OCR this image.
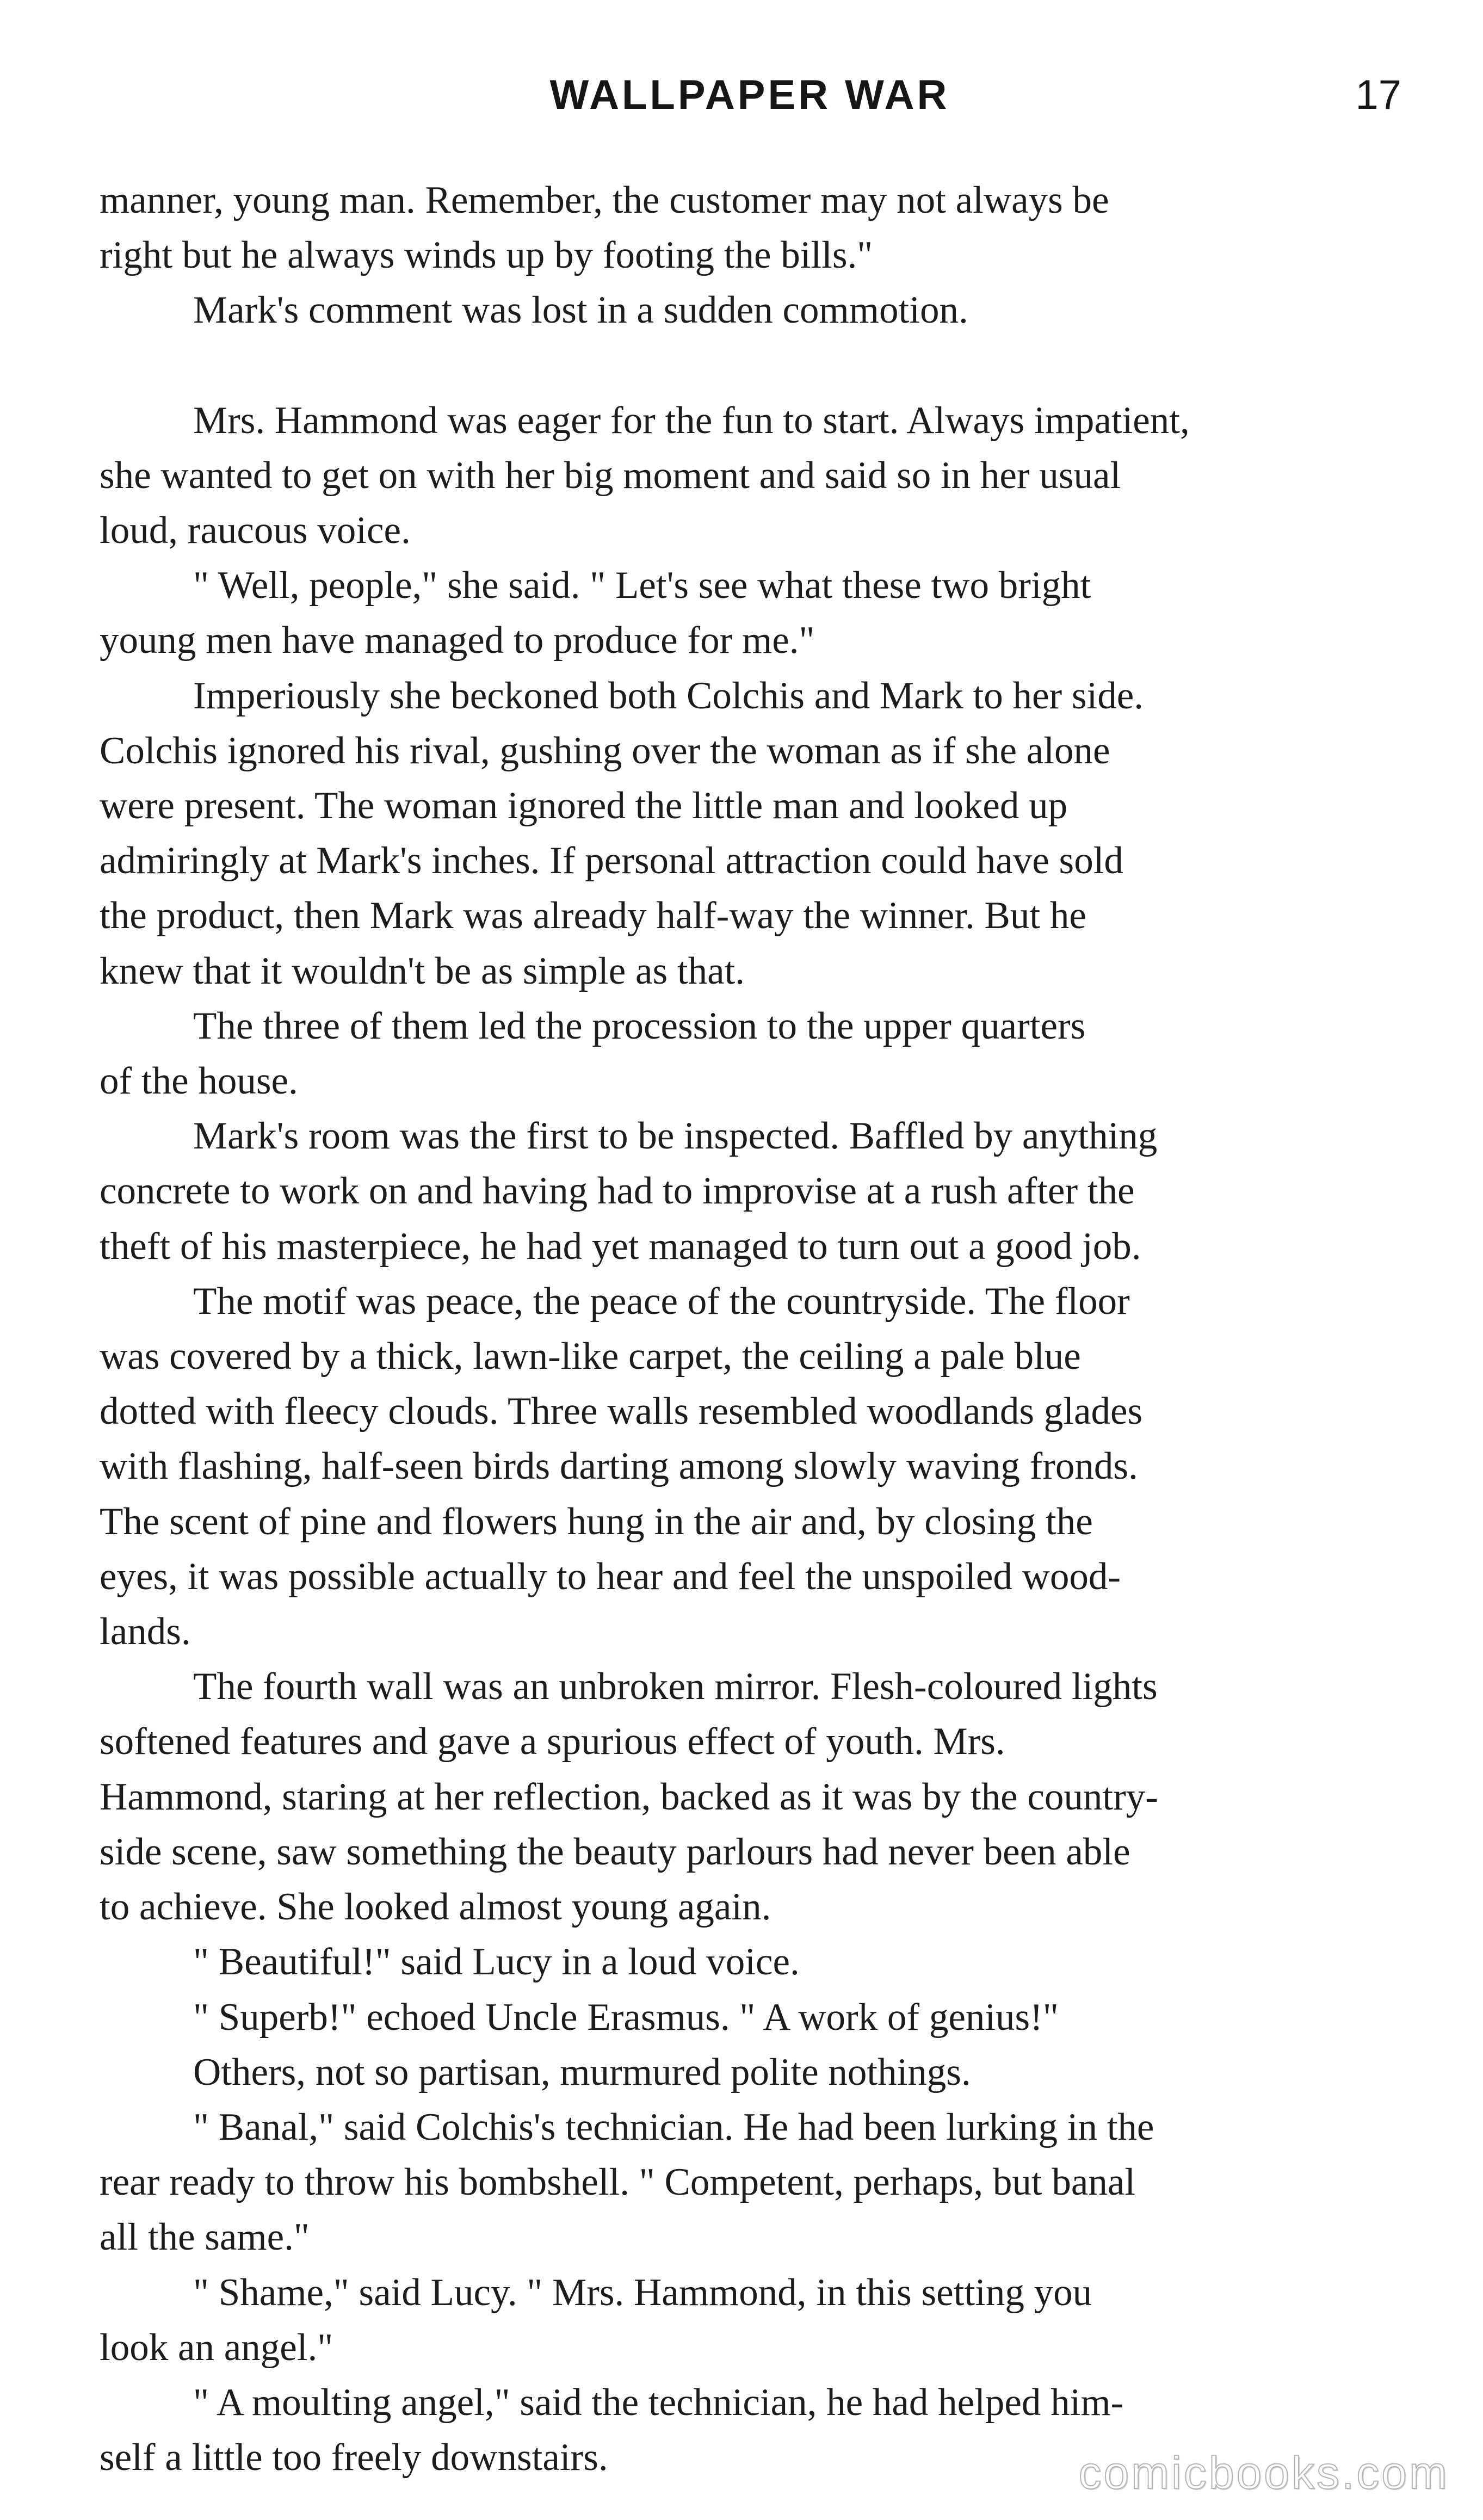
WALLPAPER WAR	17

manner, young man. Remember, the customer may not always be
right but he always winds up by footing the bills."

Mark's comment was lost in a sudden commotion.

Mrs. Hammond was eager for the fun to start. Always impatient,
she wanted to get on with her big moment and said so in her usual
loud, raucous voice.

" Well, people," she said. " Let's see what these two bright
young men have managed to produce for me."

Imperiously she beckoned both Colchis and Mark to her side.
Colchis ignored his rival, gushing over the woman as if she alone
were present. The woman ignored the little man and looked up
admiringly at Mark's inches. If personal attraction could have sold
the product, then Mark was already half-way the winner. But he
knew that it wouldn't be as simple as that.

The three of them led the procession to the upper quarters
of the house.

Mark's room was the first to be inspected. Baffled by anything
concrete to work on and having had to improvise at a rush after the
theft of his masterpiece, he had yet managed to turn out a good job.

The motif was peace, the peace of the countryside. The floor
was covered by a thick, lawn-like carpet, the ceiling a pale blue
dotted with fleecy clouds. Three walls resembled woodlands glades
with flashing, half-seen birds darting among slowly waving fronds.
The scent of pine and flowers hung in the air and, by closing the
eyes, it was possible actually to hear and feel the unspoiled wood-
lands.

The fourth wall was an unbroken mirror. Flesh-coloured lights
softened features and gave a spurious effect of youth. Mrs.
Hammond, staring at her reflection, backed as it was by the country-
side scene, saw something the beauty parlours had never been able
to achieve. She looked almost young again.

" Beautiful!" said Lucy in a loud voice.

" Superb!" echoed Uncle Erasmus. " A work of genius!"

Others, not so partisan, murmured polite nothings.

" Banal," said Colchis's technician. He had been lurking in the
rear ready to throw his bombshell. " Competent, perhaps, but banal
all the same."

" Shame," said Lucy. " Mrs. Hammond, in this setting you
look an angel."

" A moulting angel," said the technician, he had helped him-
self a little too freely downstairs.	comicbooks.com
